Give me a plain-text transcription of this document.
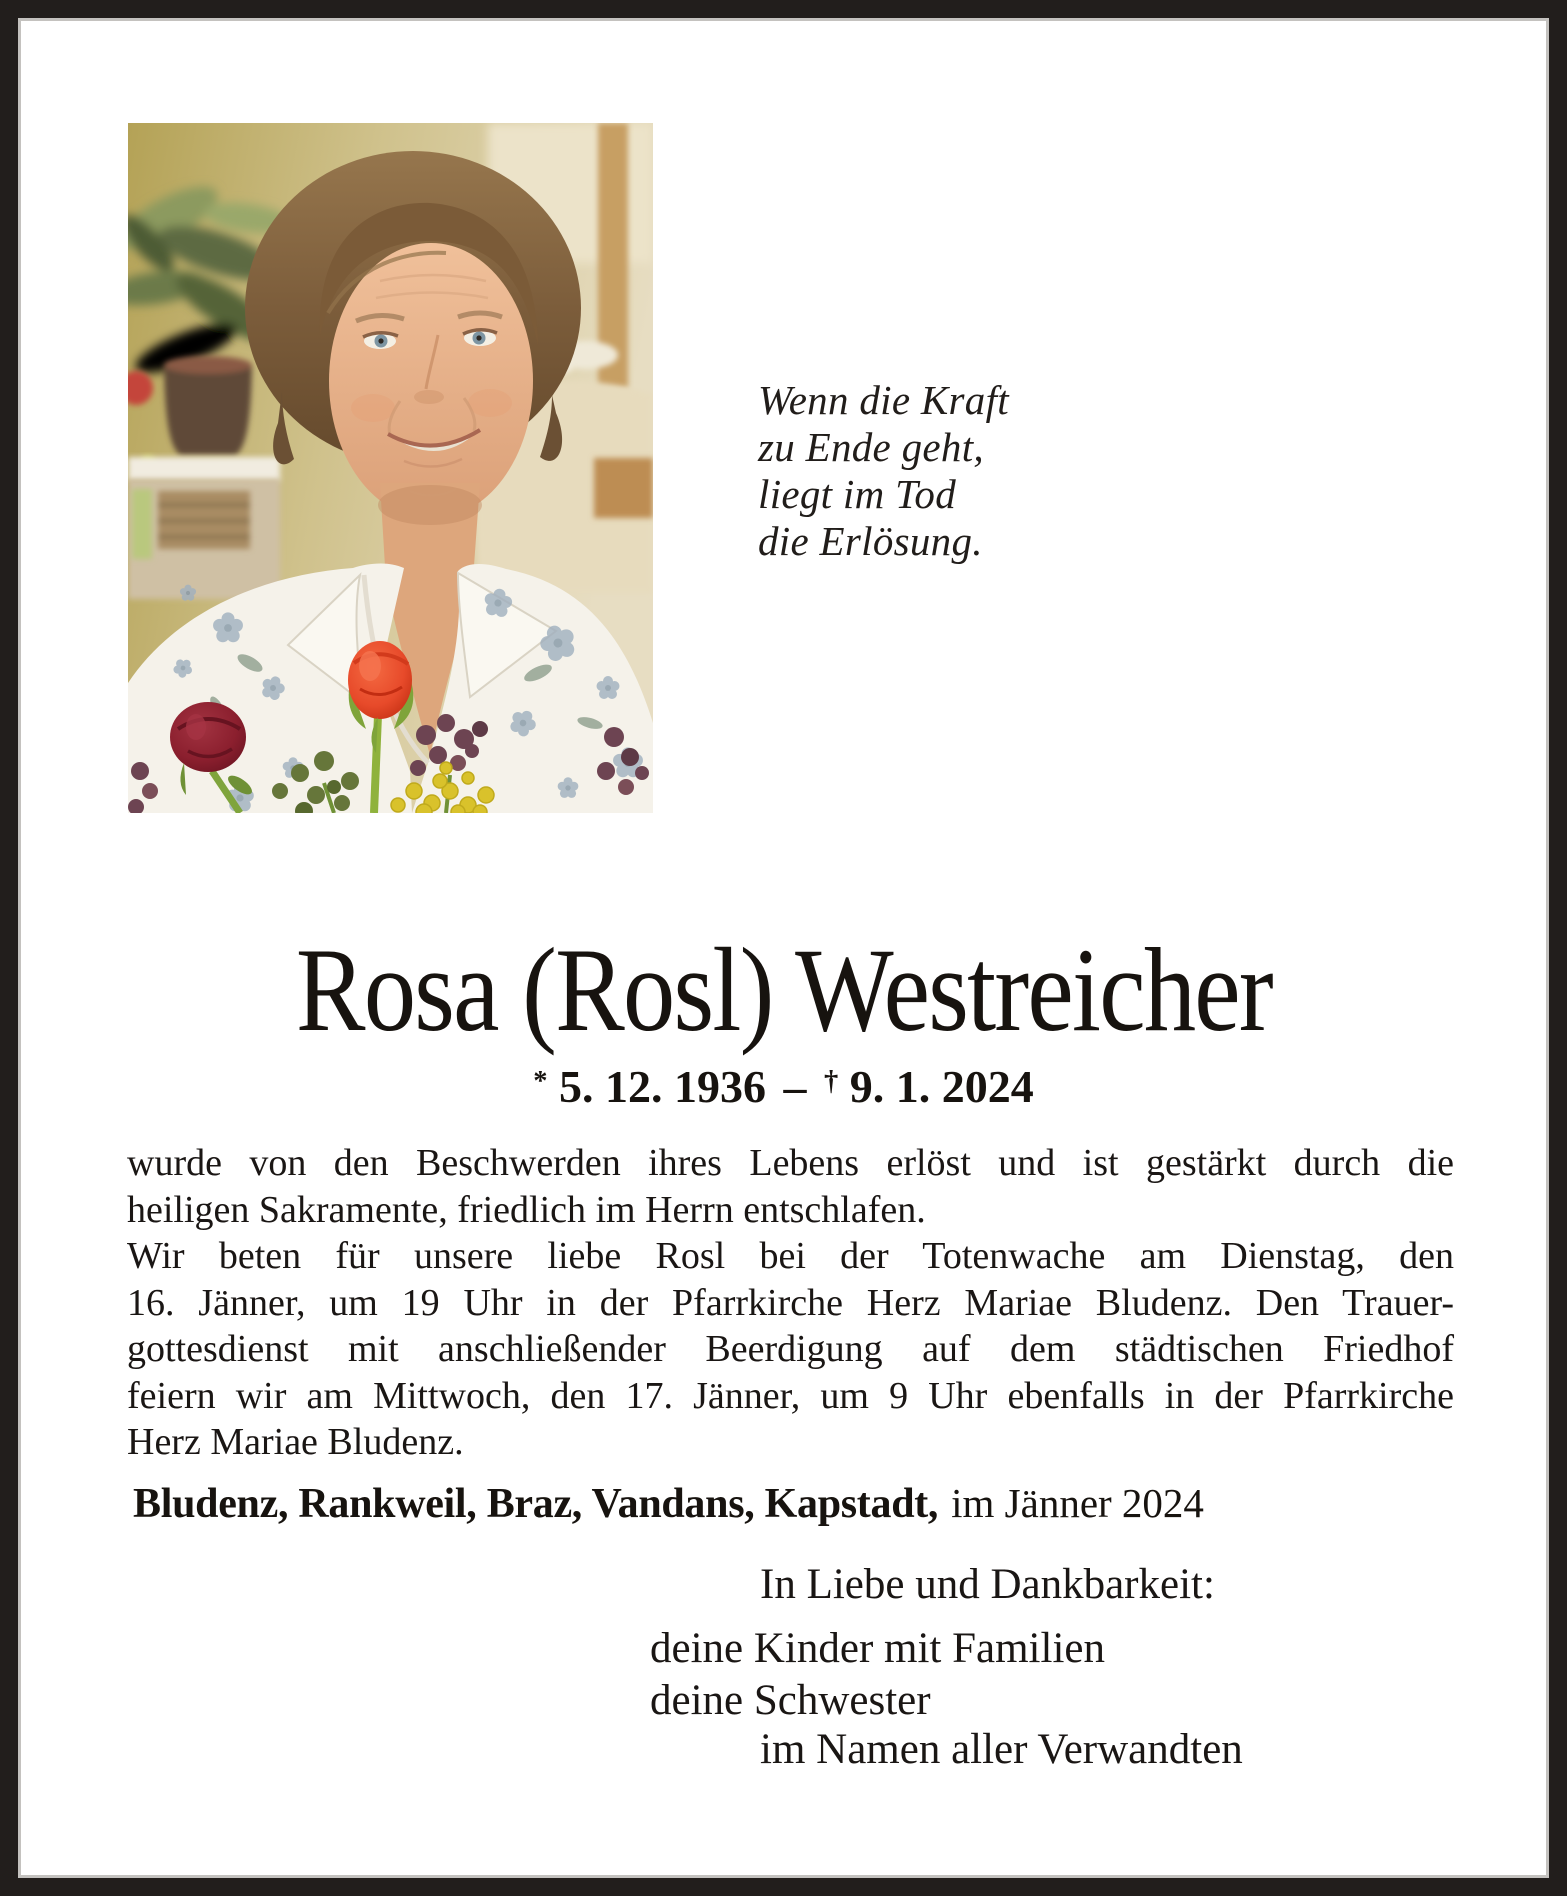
Wenn die Kraft
zu Ende geht,
liegt im Tod
die Erlösung.
Rosa (Rosl) Westreicher
* 5. 12. 1936 – † 9. 1. 2024
wurde von den Beschwerden ihres Lebens erlöst und ist gestärkt durch die
heiligen Sakramente, friedlich im Herrn entschlafen.
Wir beten für unsere liebe Rosl bei der Totenwache am Dienstag, den
16. Jänner, um 19 Uhr in der Pfarrkirche Herz Mariae Bludenz. Den Trauer-
gottesdienst mit anschließender Beerdigung auf dem städtischen Friedhof
feiern wir am Mittwoch, den 17. Jänner, um 9 Uhr ebenfalls in der Pfarrkirche
Herz Mariae Bludenz.
Bludenz, Rankweil, Braz, Vandans, Kapstadt, im Jänner 2024
In Liebe und Dankbarkeit:
deine Kinder mit Familien
deine Schwester
im Namen aller Verwandten
